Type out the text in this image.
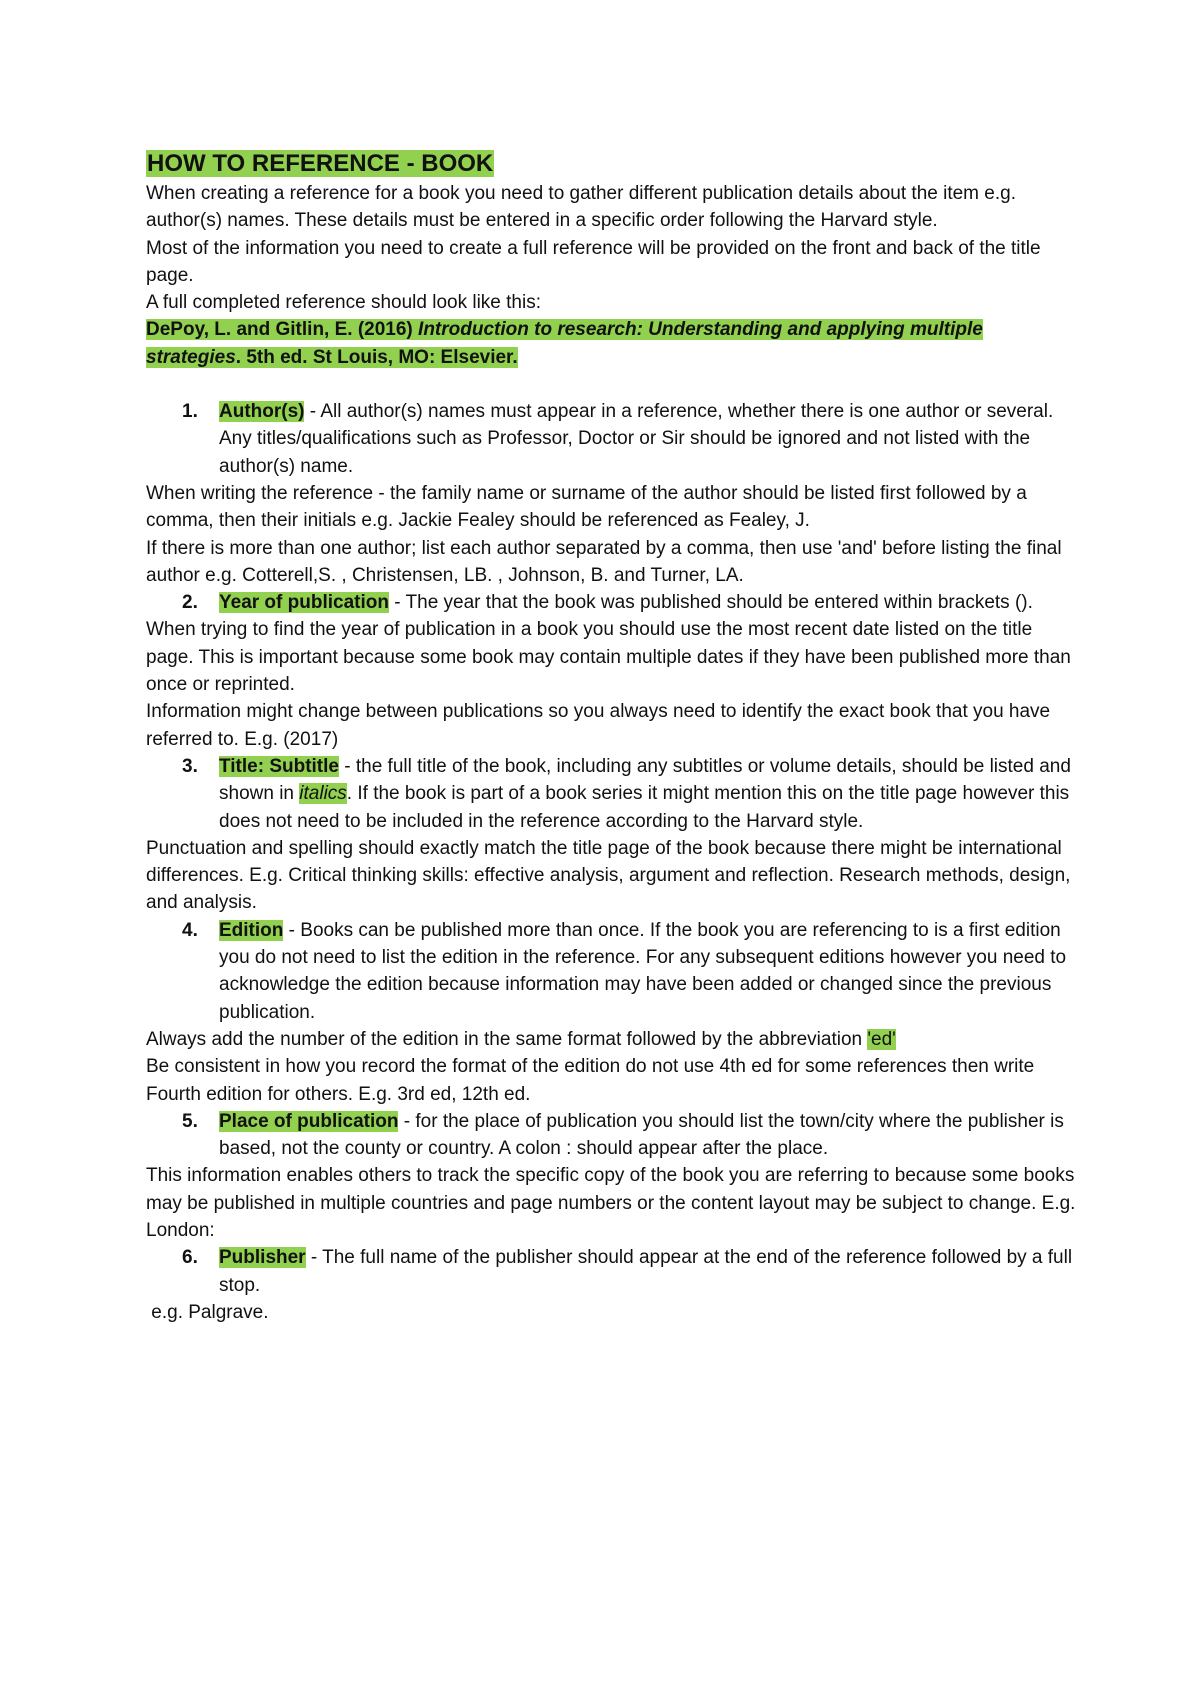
HOW TO REFERENCE - BOOK

When creating a reference for a book you need to gather different publication details about the item e.g. author(s) names. These details must be entered in a specific order following the Harvard style.

Most of the information you need to create a full reference will be provided on the front and back of the title page.

A full completed reference should look like this:

DePoy, L. and Gitlin, E. (2016) Introduction to research: Understanding and applying multiple strategies. 5th ed. St Louis, MO: Elsevier.

1. Author(s) - All author(s) names must appear in a reference, whether there is one author or several. Any titles/qualifications such as Professor, Doctor or Sir should be ignored and not listed with the author(s) name.

When writing the reference - the family name or surname of the author should be listed first followed by a comma, then their initials e.g. Jackie Fealey should be referenced as Fealey, J.

If there is more than one author; list each author separated by a comma, then use 'and' before listing the final author e.g. Cotterell,S. , Christensen, LB. , Johnson, B. and Turner, LA.

2. Year of publication - The year that the book was published should be entered within brackets ().

When trying to find the year of publication in a book you should use the most recent date listed on the title page. This is important because some book may contain multiple dates if they have been published more than once or reprinted.

Information might change between publications so you always need to identify the exact book that you have referred to. E.g. (2017)

3. Title: Subtitle - the full title of the book, including any subtitles or volume details, should be listed and shown in italics. If the book is part of a book series it might mention this on the title page however this does not need to be included in the reference according to the Harvard style.

Punctuation and spelling should exactly match the title page of the book because there might be international differences. E.g. Critical thinking skills: effective analysis, argument and reflection. Research methods, design, and analysis.

4. Edition - Books can be published more than once. If the book you are referencing to is a first edition you do not need to list the edition in the reference. For any subsequent editions however you need to acknowledge the edition because information may have been added or changed since the previous publication.

Always add the number of the edition in the same format followed by the abbreviation 'ed'

Be consistent in how you record the format of the edition do not use 4th ed for some references then write Fourth edition for others. E.g. 3rd ed, 12th ed.

5. Place of publication - for the place of publication you should list the town/city where the publisher is based, not the county or country. A colon : should appear after the place.

This information enables others to track the specific copy of the book you are referring to because some books may be published in multiple countries and page numbers or the content layout may be subject to change. E.g. London:

6. Publisher - The full name of the publisher should appear at the end of the reference followed by a full stop.

e.g. Palgrave.
